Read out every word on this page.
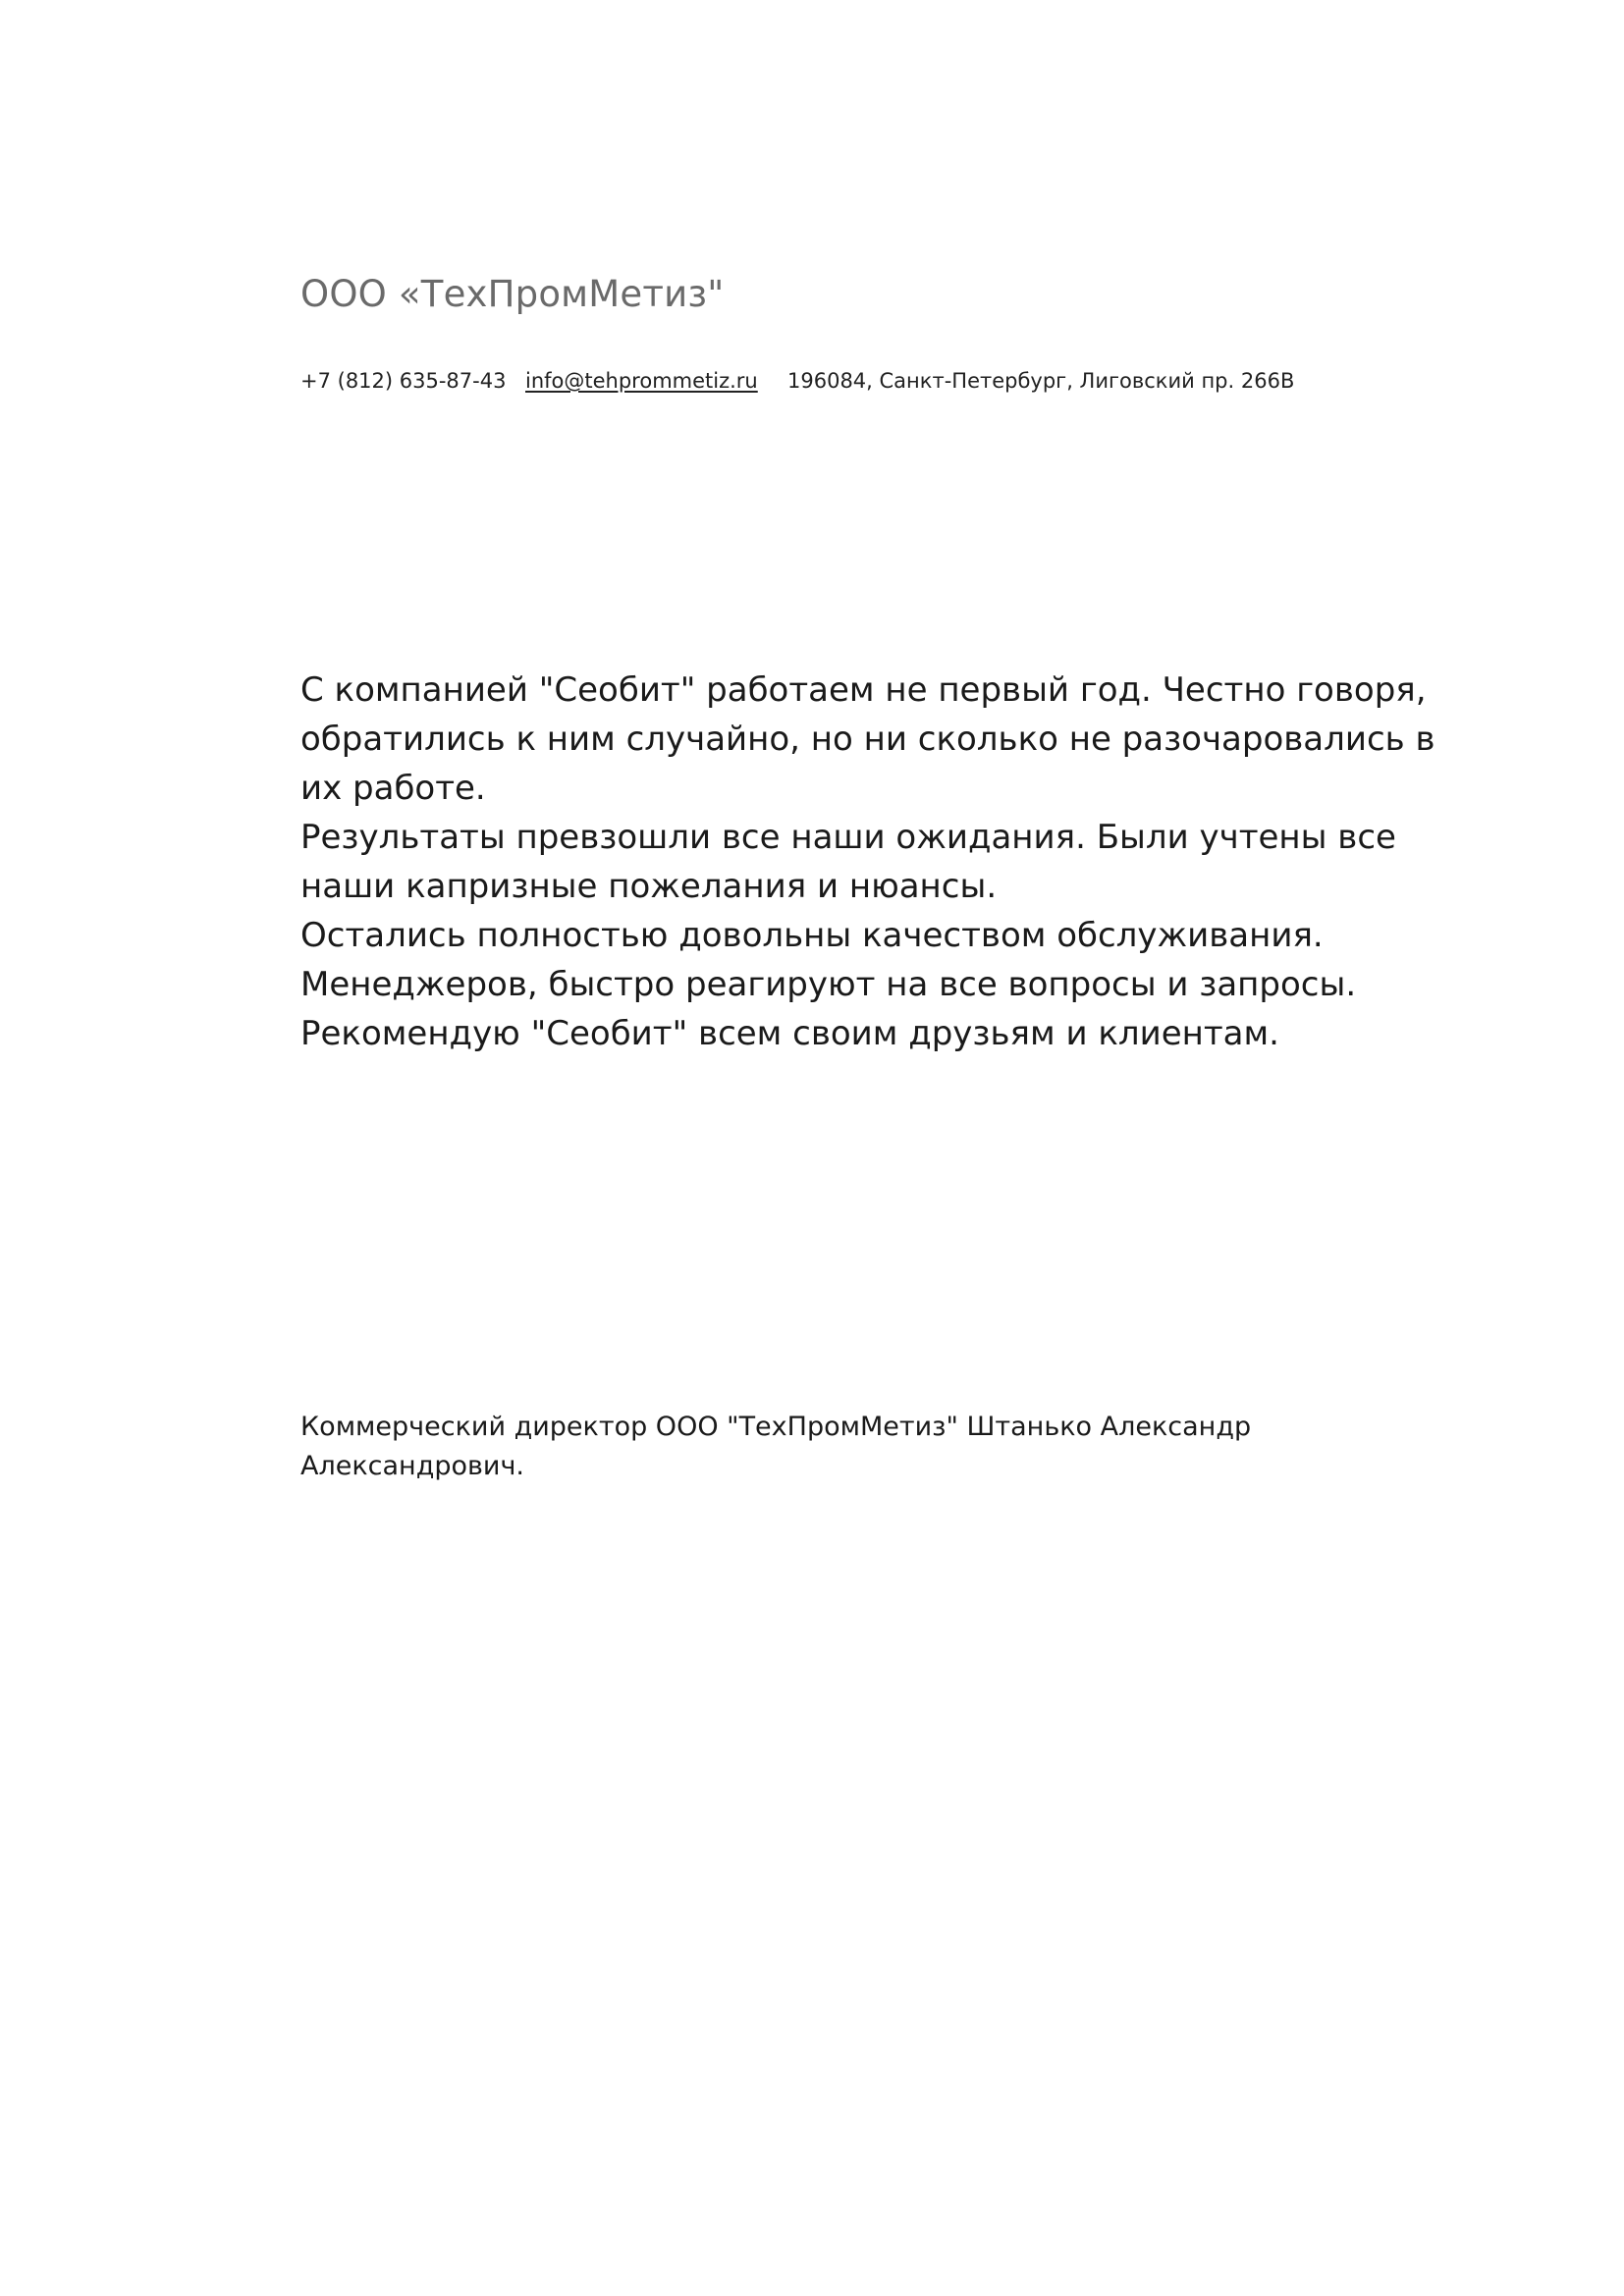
ООО «ТехПромМетиз"
+7 (812) 635-87-43 info@tehprommetiz.ru 196084, Санкт-Петербург, Лиговский пр. 266В
С компанией "Сеобит" работаем не первый год. Честно говоря,
обратились к ним случайно, но ни сколько не разочаровались в
их работе.
Результаты превзошли все наши ожидания. Были учтены все
наши капризные пожелания и нюансы.
Остались полностью довольны качеством обслуживания.
Менеджеров, быстро реагируют на все вопросы и запросы.
Рекомендую "Сеобит" всем своим друзьям и клиентам.
Коммерческий директор ООО "ТехПромМетиз" Штанько Александр
Александрович.
